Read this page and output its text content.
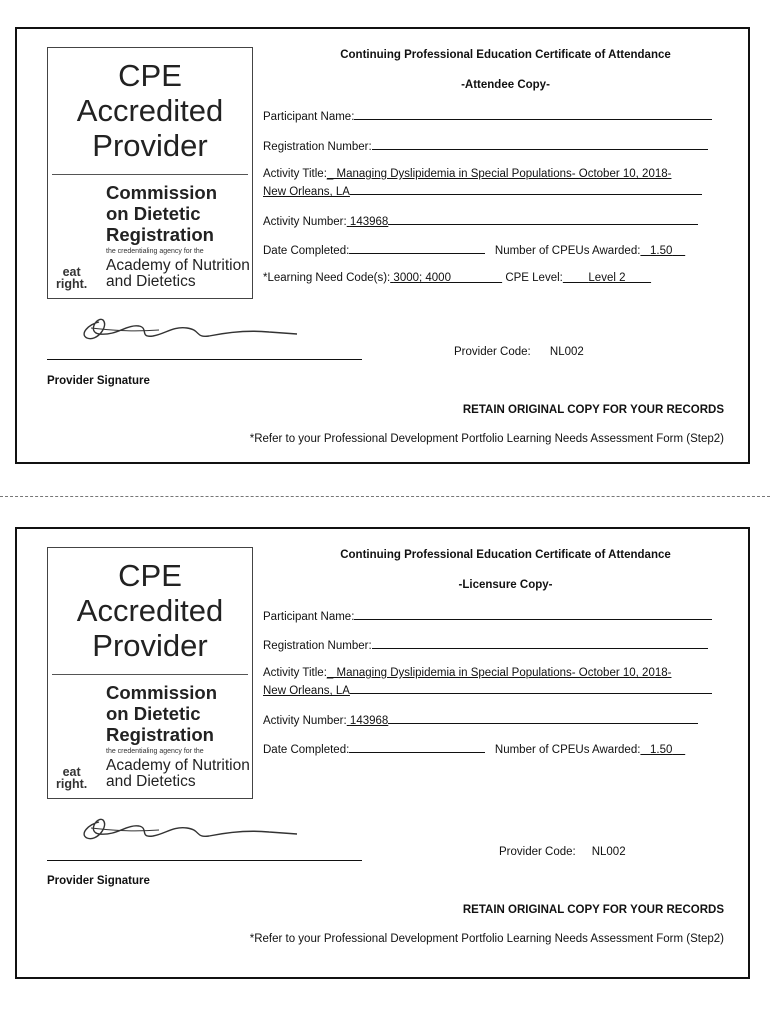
CPE
Accredited
Provider
Commission
on Dietetic
Registration
the credentialing agency for the
eat
right.
Academy of Nutrition
and Dietetics
Continuing Professional Education Certificate of Attendance
-Attendee Copy-
Participant Name:
Registration Number:
Activity Title:_ Managing Dyslipidemia in Special Populations- October 10, 2018-
New Orleans, LA
Activity Number: 143968
Date Completed:	Number of CPEUs Awarded: 1.50
*Learning Need Code(s): 3000; 4000	CPE Level: Level 2
Provider Code: NL002
Provider Signature
RETAIN ORIGINAL COPY FOR YOUR RECORDS
*Refer to your Professional Development Portfolio Learning Needs Assessment Form (Step2)
CPE
Accredited
Provider
Commission
on Dietetic
Registration
the credentialing agency for the
eat
right.
Academy of Nutrition
and Dietetics
Continuing Professional Education Certificate of Attendance
-Licensure Copy-
Participant Name:
Registration Number:
Activity Title:_ Managing Dyslipidemia in Special Populations- October 10, 2018-
New Orleans, LA
Activity Number: 143968
Date Completed:	Number of CPEUs Awarded: 1.50
Provider Code: NL002
Provider Signature
RETAIN ORIGINAL COPY FOR YOUR RECORDS
*Refer to your Professional Development Portfolio Learning Needs Assessment Form (Step2)
